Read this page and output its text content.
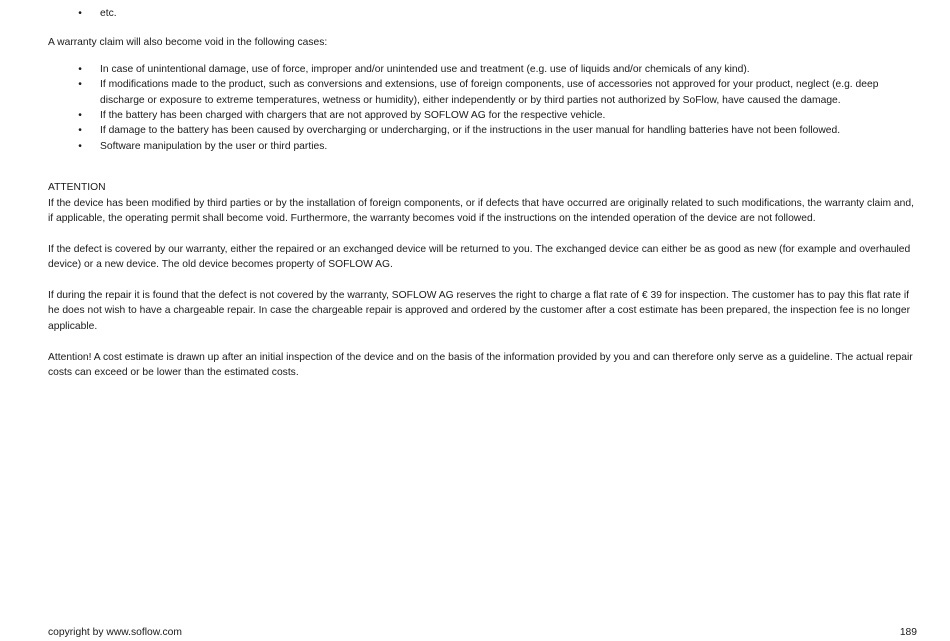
• etc.

A warranty claim will also become void in the following cases:

• In case of unintentional damage, use of force, improper and/or unintended use and treatment (e.g. use of liquids and/or chemicals of any kind).
• If modifications made to the product, such as conversions and extensions, use of foreign components, use of accessories not approved for your product, neglect (e.g. deep discharge or exposure to extreme temperatures, wetness or humidity), either independently or by third parties not authorized by SoFlow, have caused the damage.
• If the battery has been charged with chargers that are not approved by SOFLOW AG for the respective vehicle.
• If damage to the battery has been caused by overcharging or undercharging, or if the instructions in the user manual for handling batteries have not been followed.
• Software manipulation by the user or third parties.

ATTENTION

If the device has been modified by third parties or by the installation of foreign components, or if defects that have occurred are originally related to such modifications, the warranty claim and, if applicable, the operating permit shall become void. Furthermore, the warranty becomes void if the instructions on the intended operation of the device are not followed.

If the defect is covered by our warranty, either the repaired or an exchanged device will be returned to you. The exchanged device can either be as good as new (for example and overhauled device) or a new device. The old device becomes property of SOFLOW AG.

If during the repair it is found that the defect is not covered by the warranty, SOFLOW AG reserves the right to charge a flat rate of € 39 for inspection. The customer has to pay this flat rate if he does not wish to have a chargeable repair. In case the chargeable repair is approved and ordered by the customer after a cost estimate has been prepared, the inspection fee is no longer applicable.

Attention! A cost estimate is drawn up after an initial inspection of the device and on the basis of the information provided by you and can therefore only serve as a guideline. The actual repair costs can exceed or be lower than the estimated costs.

copyright by www.soflow.com	189
